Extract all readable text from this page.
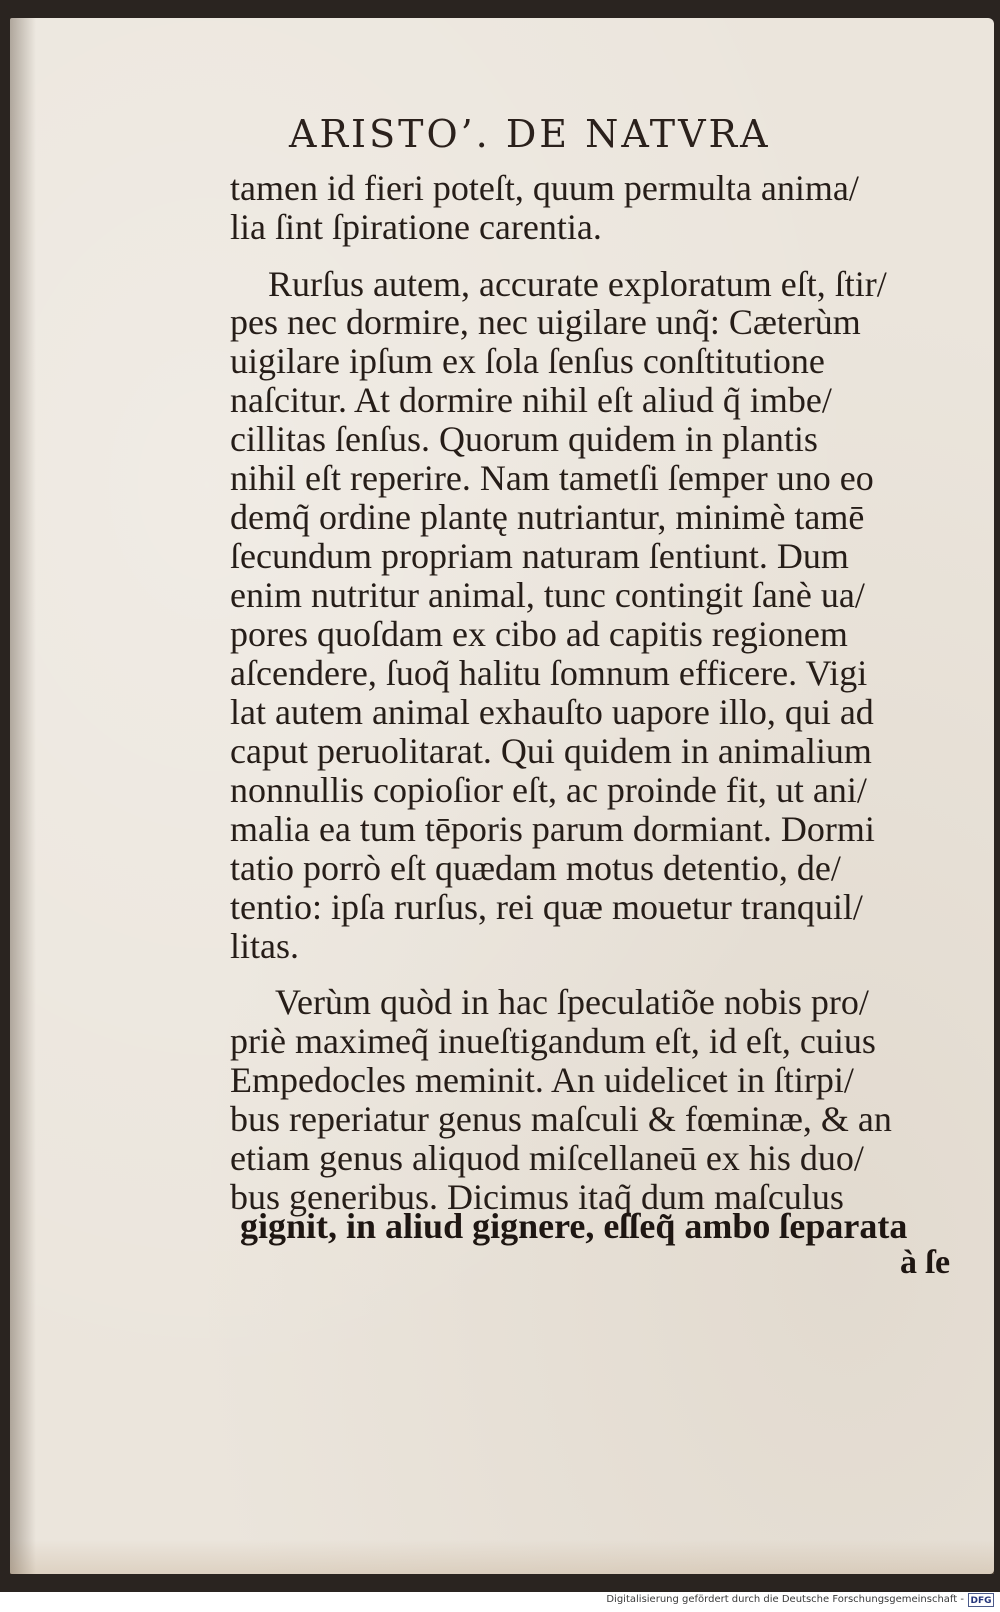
ARISTO’. DE NATVRA
tamen id fieri poteſt, quum permulta anima/
lia ſint ſpiratione carentia.
Rurſus autem, accurate exploratum eſt, ſtir/
pes nec dormire, nec uigilare unq̃: Cæterùm
uigilare ipſum ex ſola ſenſus conſtitutione
naſcitur. At dormire nihil eſt aliud q̃ imbe/
cillitas ſenſus. Quorum quidem in plantis
nihil eſt reperire. Nam tametſi ſemper uno eo
demq̃ ordine plantę nutriantur, minimè tamē
ſecundum propriam naturam ſentiunt. Dum
enim nutritur animal, tunc contingit ſanè ua/
pores quoſdam ex cibo ad capitis regionem
aſcendere, ſuoq̃ halitu ſomnum efficere. Vigi
lat autem animal exhauſto uapore illo, qui ad
caput peruolitarat. Qui quidem in animalium
nonnullis copioſior eſt, ac proinde fit, ut ani/
malia ea tum tēporis parum dormiant. Dormi
tatio porrò eſt quædam motus detentio, de/
tentio: ipſa rurſus, rei quæ mouetur tranquil/
litas.
Verùm quòd in hac ſpeculatiõe nobis pro/
priè maximeq̃ inueſtigandum eſt, id eſt, cuius
Empedocles meminit. An uidelicet in ſtirpi/
bus reperiatur genus maſculi & fœminæ, & an
etiam genus aliquod miſcellaneū ex his duo/
bus generibus. Dicimus itaq̃ dum maſculus
gignit, in aliud gignere, eſſeq̃ ambo ſeparata
à ſe
Digitalisierung gefördert durch die Deutsche Forschungsgemeinschaft - DFG
